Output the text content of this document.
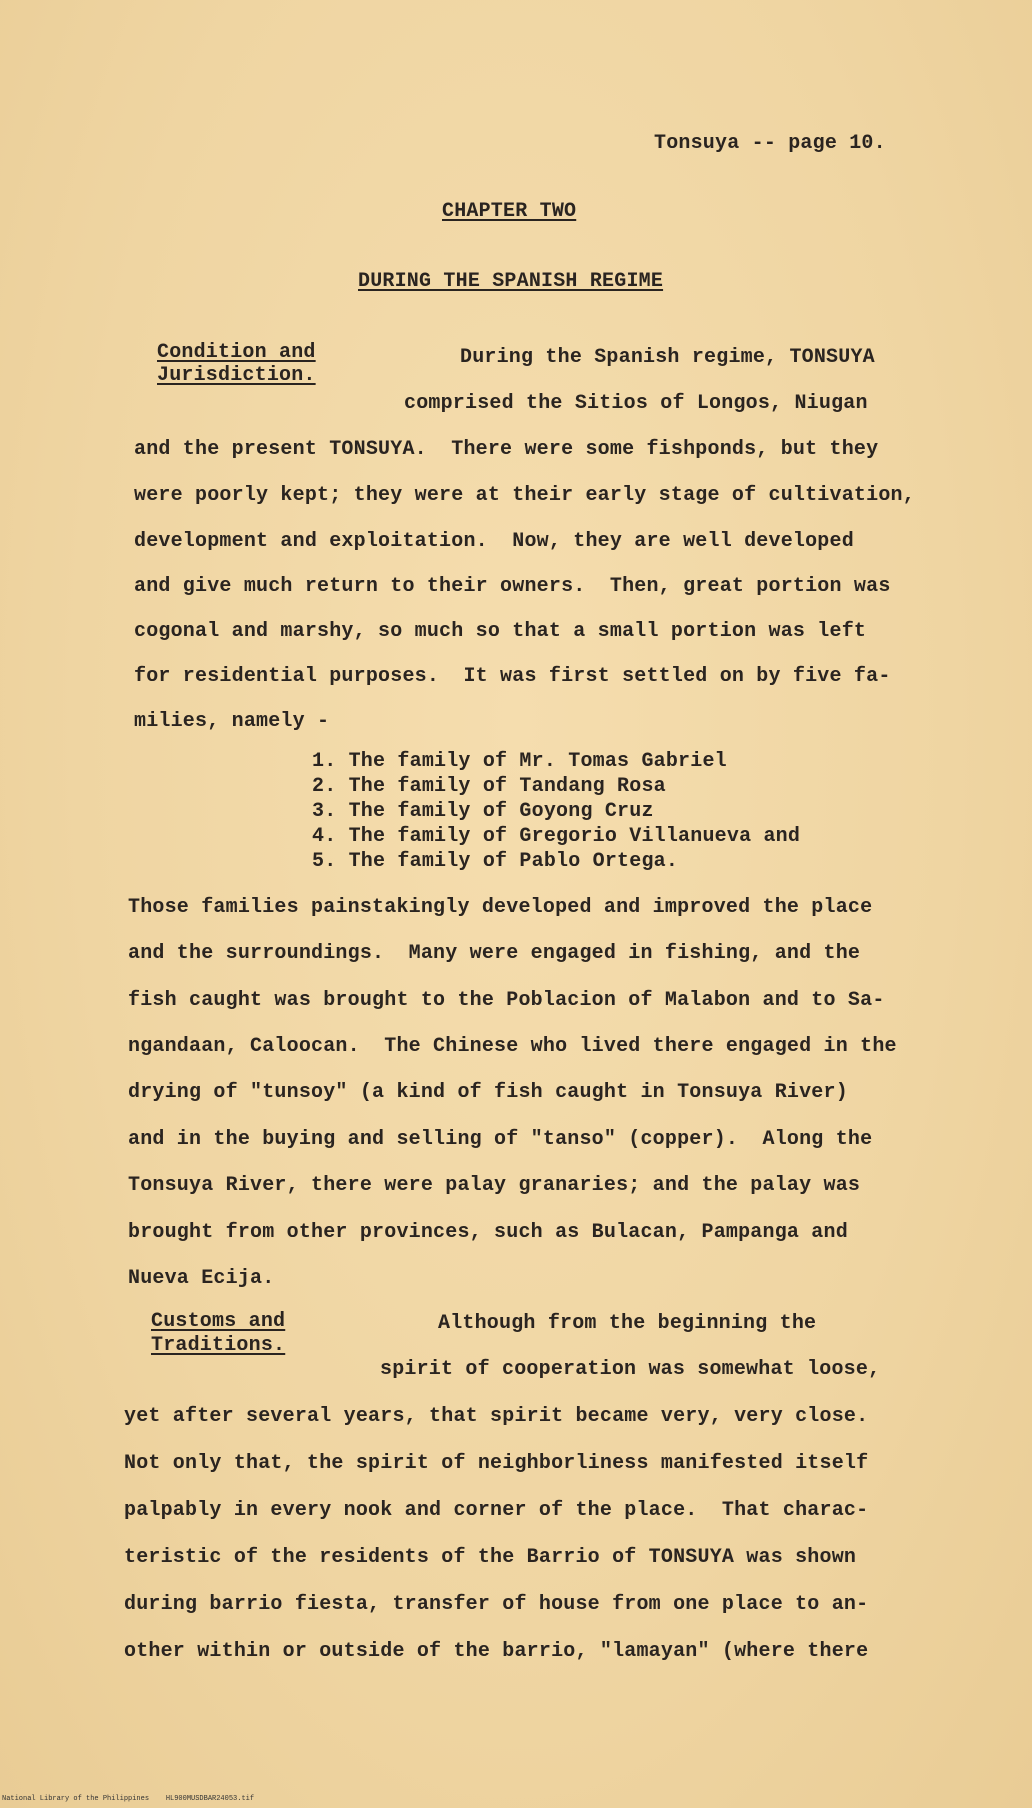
Tonsuya -- page 10.
CHAPTER TWO
DURING THE SPANISH REGIME
Condition and
Jurisdiction.
During the Spanish regime, TONSUYA
comprised the Sitios of Longos, Niugan
and the present TONSUYA.  There were some fishponds, but they
were poorly kept; they were at their early stage of cultivation,
development and exploitation.  Now, they are well developed
and give much return to their owners.  Then, great portion was
cogonal and marshy, so much so that a small portion was left
for residential purposes.  It was first settled on by five fa-
milies, namely -
1. The family of Mr. Tomas Gabriel
2. The family of Tandang Rosa
3. The family of Goyong Cruz
4. The family of Gregorio Villanueva and
5. The family of Pablo Ortega.
Those families painstakingly developed and improved the place
and the surroundings.  Many were engaged in fishing, and the
fish caught was brought to the Poblacion of Malabon and to Sa-
ngandaan, Caloocan.  The Chinese who lived there engaged in the
drying of "tunsoy" (a kind of fish caught in Tonsuya River)
and in the buying and selling of "tanso" (copper).  Along the
Tonsuya River, there were palay granaries; and the palay was
brought from other provinces, such as Bulacan, Pampanga and
Nueva Ecija.
Customs and
Traditions.
Although from the beginning the
spirit of cooperation was somewhat loose,
yet after several years, that spirit became very, very close.
Not only that, the spirit of neighborliness manifested itself
palpably in every nook and corner of the place.  That charac-
teristic of the residents of the Barrio of TONSUYA was shown
during barrio fiesta, transfer of house from one place to an-
other within or outside of the barrio, "lamayan" (where there
National Library of the Philippines    HL900MUSDBAR24053.tif
